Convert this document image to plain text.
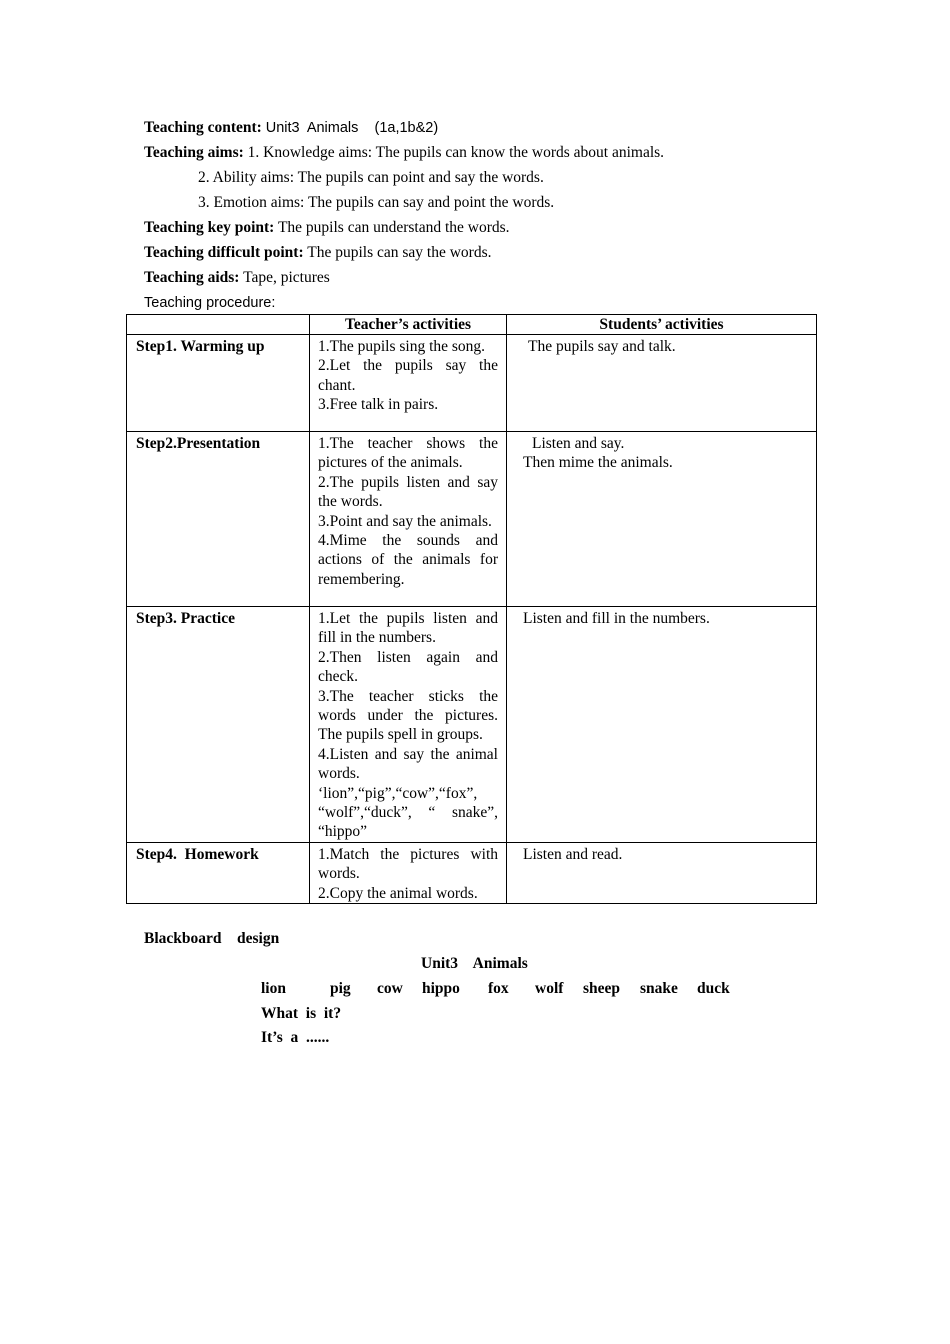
Teaching content: Unit3  Animals    (1a,1b&2)
Teaching aims: 1. Knowledge aims: The pupils can know the words about animals.
2. Ability aims: The pupils can point and say the words.
3. Emotion aims: The pupils can say and point the words.
Teaching key point: The pupils can understand the words.
Teaching difficult point: The pupils can say the words.
Teaching aids: Tape, pictures
Teaching procedure:
	Teacher’s activities	Students’ activities
Step1. Warming up	1.The pupils sing the song.
2.Let the pupils say the chant.
3.Free talk in pairs.	The pupils say and talk.
Step2.Presentation	1.The teacher shows the pictures of the animals.
2.The pupils listen and say the words.
3.Point and say the animals.
4.Mime the sounds and actions of the animals for remembering.	Listen and say.
Then mime the animals.

Step3. Practice	1.Let the pupils listen and fill in the numbers.
2.Then listen again and check.
3.The teacher sticks the words under the pictures. The pupils spell in groups.
4.Listen and say the animal words.
‘lion”,“pig”,“cow”,“fox”, “wolf”,“duck”, “ snake”, “hippo”	Listen and fill in the numbers.
Step4.  Homework	1.Match the pictures with words.
2.Copy the animal words.	Listen and read.
Blackboard    design
Unit3    Animals
lion	pig cow hippo fox wolf sheep snake duck
What  is  it?
It’s  a  ......
